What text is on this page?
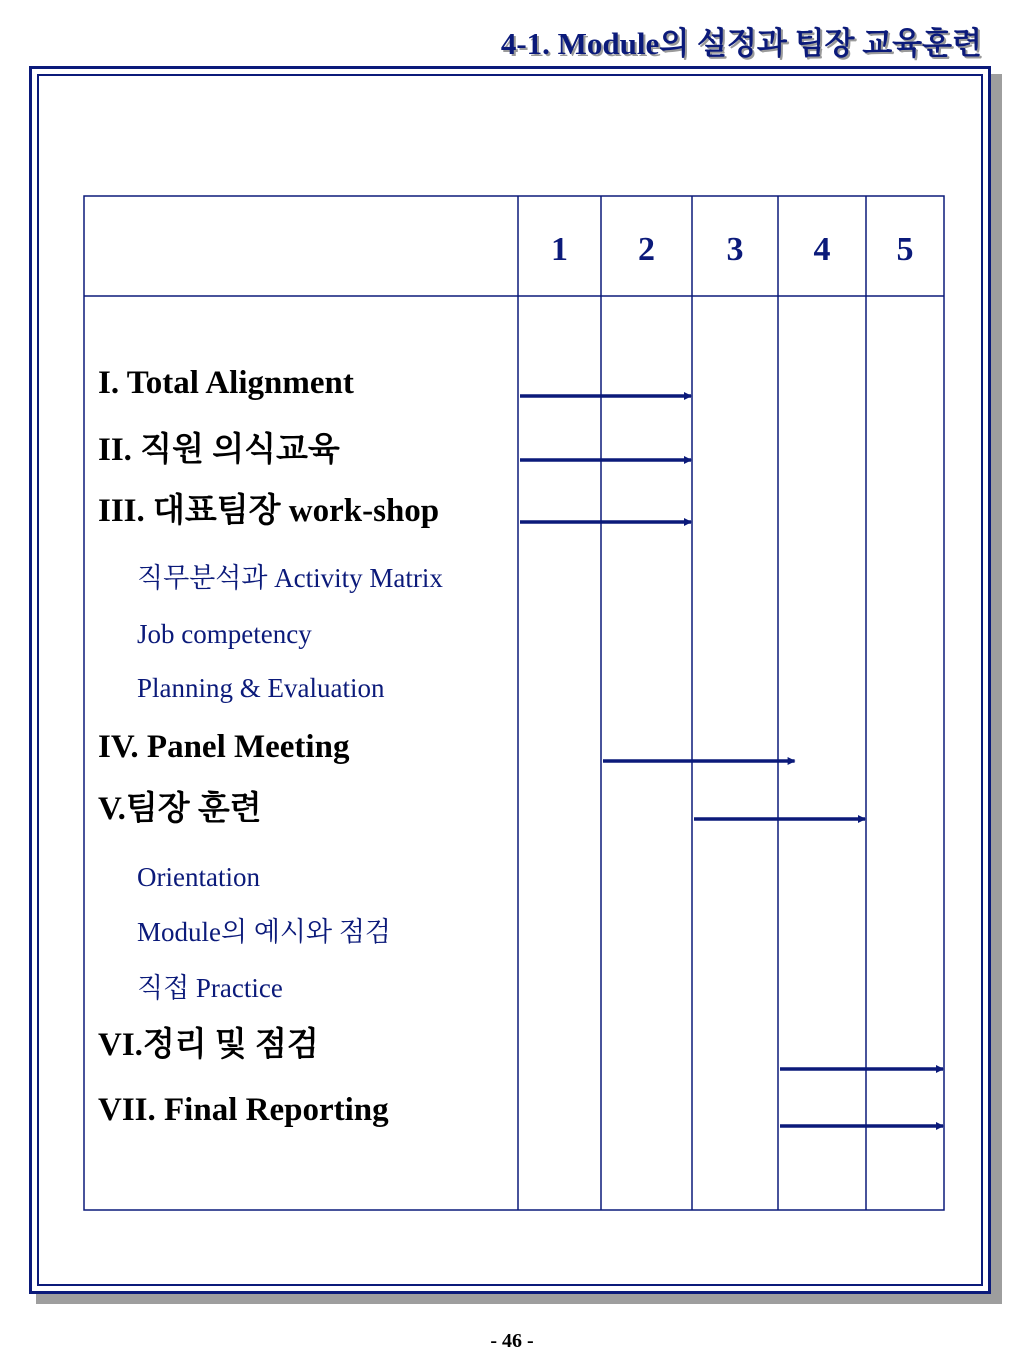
4-1. Module의 설정과 팀장 교육훈련
1 2 3 4 5
I. Total Alignment
II. 직원 의식교육
III. 대표팀장 work-shop
직무분석과 Activity Matrix
Job competency
Planning & Evaluation
IV. Panel Meeting
V.팀장 훈련
Orientation
Module의 예시와 점검
직접 Practice
VI.정리 및 점검
VII. Final Reporting
- 46 -
